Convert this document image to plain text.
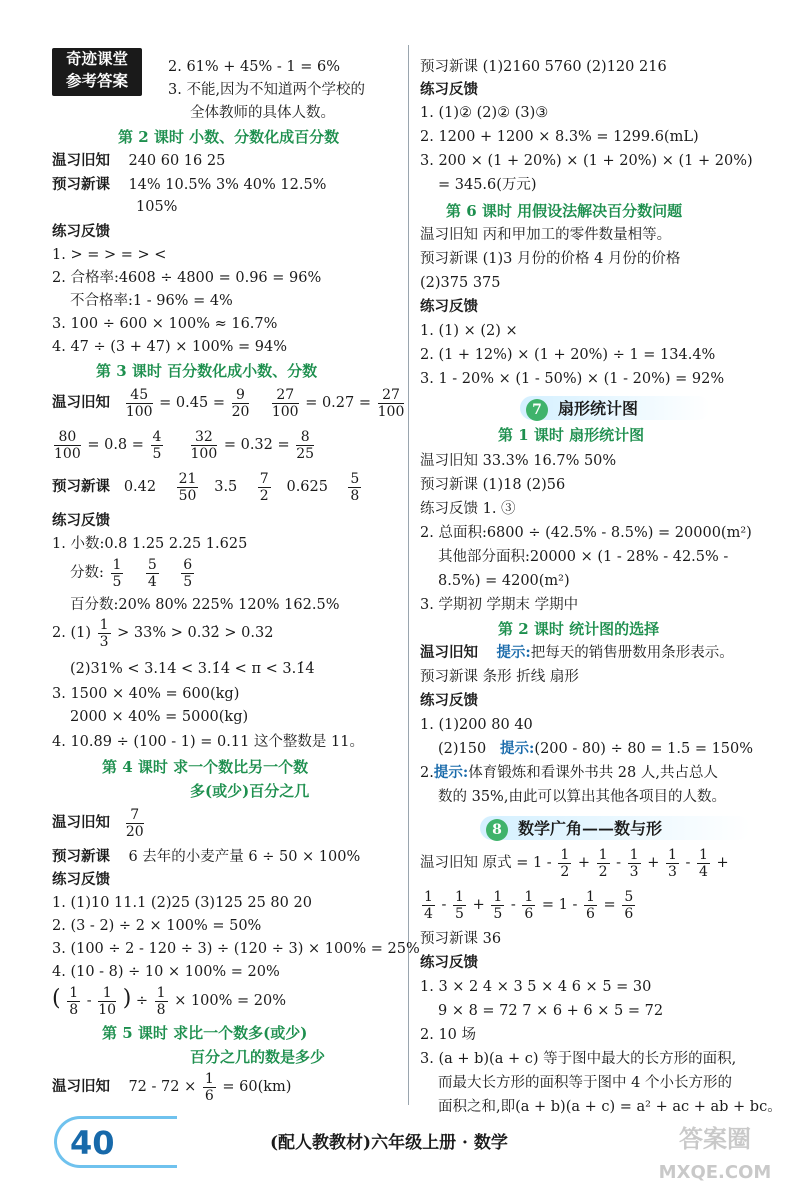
奇迹课堂
参考答案
2. 61% + 45% - 1 = 6%
3. 不能,因为不知道两个学校的
全体教师的具体人数。
第 2 课时 小数、分数化成百分数
温习旧知 240 60 16 25
预习新课 14% 10.5% 3% 40% 12.5%
105%
练习反馈
1. > = > = > <
2. 合格率:4608 ÷ 4800 = 0.96 = 96%
不合格率:1 - 96% = 4%
3. 100 ÷ 600 × 100% ≈ 16.7%
4. 47 ÷ (3 + 47) × 100% = 94%
第 3 课时 百分数化成小数、分数
温习旧知 $\frac{45}{100} = 0.45 = \frac{9}{20}$
$\frac{27}{100} = 0.27 = \frac{27}{100}$
$\frac{80}{100} = 0.8 = \frac{4}{5}$
$\frac{32}{100} = 0.32 = \frac{8}{25}$
预习新课 $0.42 \frac{21}{50} 3.5 \frac{7}{2} 0.625 \frac{5}{8}$
练习反馈
1. 小数:0.8 1.25 2.25 1.625
分数: $\frac{1}{5}$
$\frac{5}{4}$
$\frac{6}{5}$
百分数:20% 80% 225% 120% 162.5%
2. $(1) \frac{1}{3} > 33\%$ > 0.3̇2̇ > 0.32
(2)31% < 3.14 < 3.1̇4̇ < π < 3.1̇4̇
3. 1500 × 40% = 600(kg)
2000 × 40% = 5000(kg)
4. 10.89 ÷ (100 - 1) = 0.11 这个整数是 11。
第 4 课时 求一个数比另一个数
多(或少)百分之几
温习旧知 $\frac{7}{20}$
预习新课 6 去年的小麦产量 6 ÷ 50 × 100%
练习反馈
1. (1)10 11.1 (2)25 (3)125 25 80 20
2. (3 - 2) ÷ 2 × 100% = 50%
3. (100 ÷ 2 - 120 ÷ 3) ÷ (120 ÷ 3) × 100% = 25%
4. (10 - 8) ÷ 10 × 100% = 20%
( $\frac{1}{8} - \frac{1}{10}$ ) ÷ $\frac{1}{8} \times 100\% = 20\%$
第 5 课时 求比一个数多(或少)
百分之几的数是多少
温习旧知 $72 - 72 \times \frac{1}{6} = 60(km)$
预习新课 (1)2160 5760 (2)120 216
练习反馈
1. (1)② (2)② (3)③
2. 1200 + 1200 × 8.3% = 1299.6(mL)
3. 200 × (1 + 20%) × (1 + 20%) × (1 + 20%)
= 345.6(万元)
第 6 课时 用假设法解决百分数问题
温习旧知 丙和甲加工的零件数量相等。
预习新课 (1)3 月份的价格 4 月份的价格
(2)375 375
练习反馈
1. (1) × (2) ×
2. (1 + 12%) × (1 + 20%) ÷ 1 = 134.4%
3. 1 - 20% × (1 - 50%) × (1 - 20%) = 92%
7 扇形统计图
第 1 课时 扇形统计图
温习旧知 33.3% 16.7% 50%
预习新课 (1)18 (2)56
练习反馈 1. ③
2. 总面积:6800 ÷ (42.5% - 8.5%) = 20000(m²)
其他部分面积:20000 × (1 - 28% - 42.5% -
8.5%) = 4200(m²)
3. 学期初 学期末 学期中
第 2 课时 统计图的选择
温习旧知 提示:把每天的销售册数用条形表示。
预习新课 条形 折线 扇形
练习反馈
1. (1)200 80 40
(2)150 提示:(200 - 80) ÷ 80 = 1.5 = 150%
2.提示:体育锻炼和看课外书共 28 人,共占总人
数的 35%,由此可以算出其他各项目的人数。
8 数学广角——数与形
温习旧知 原式 = $1 - \frac{1}{2} + \frac{1}{2} - \frac{1}{3} + \frac{1}{3} - \frac{1}{4}$ +
$\frac{1}{4} - \frac{1}{5} + \frac{1}{5} - \frac{1}{6} = 1 - \frac{1}{6} = \frac{5}{6}$
预习新课 36
练习反馈
1. 3 × 2 4 × 3 5 × 4 6 × 5 = 30
9 × 8 = 72 7 × 6 + 6 × 5 = 72
2. 10 场
3. (a + b)(a + c) 等于图中最大的长方形的面积,
而最大长方形的面积等于图中 4 个小长方形的
面积之和,即(a + b)(a + c) = a² + ac + ab + bc。
40	(配人教教材)六年级上册 · 数学	答案圈
MXQE.COM
